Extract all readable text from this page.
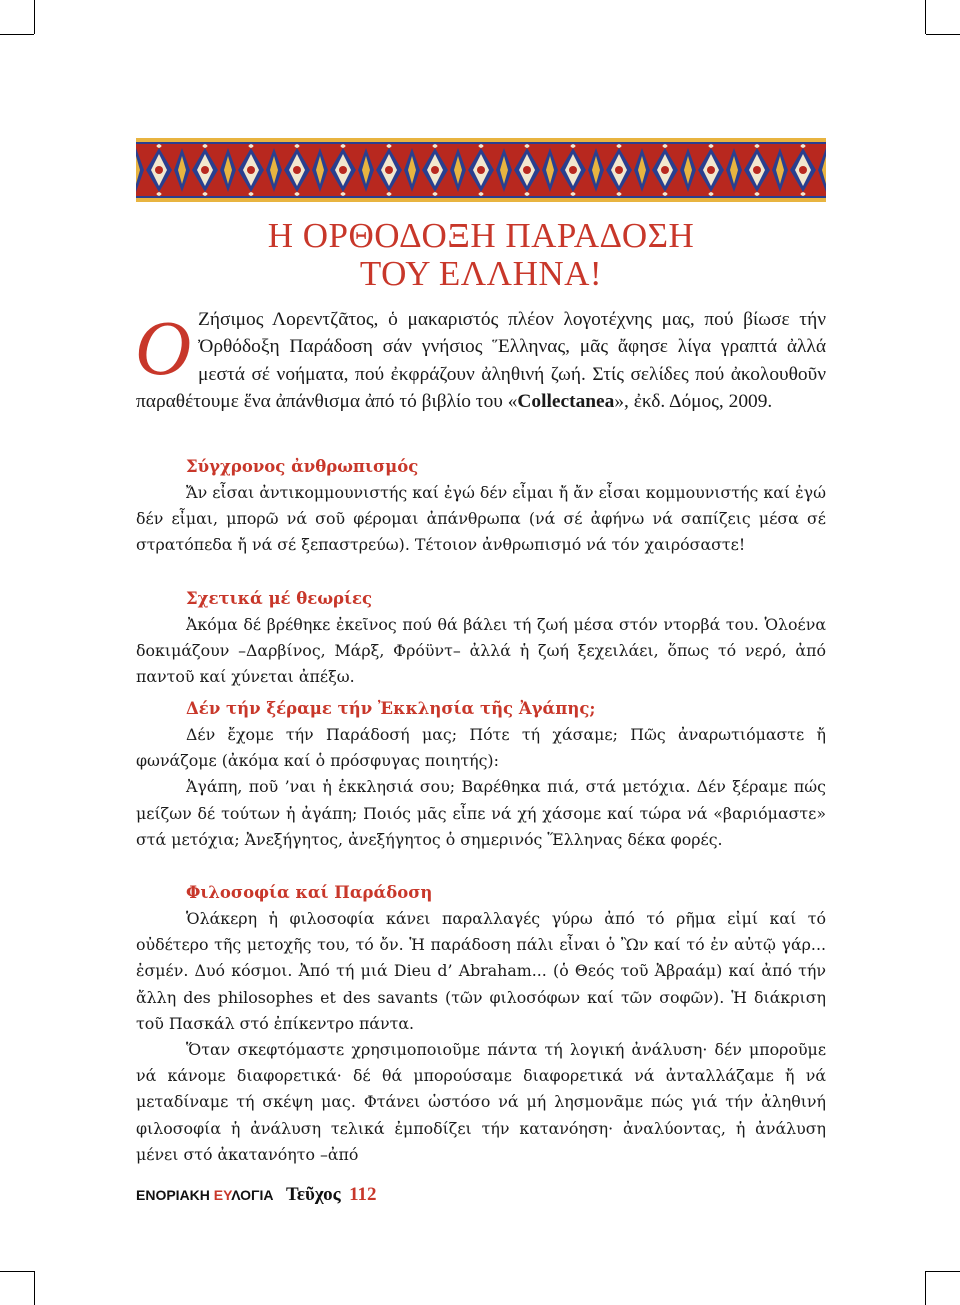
Η ΟΡΘΟΔΟΞΗ ΠΑΡΑΔΟΣΗ
ΤΟΥ ΕΛΛΗΝΑ!
Ο Ζήσιμος Λορεντζᾶτος, ὁ μακαριστός πλέον λογοτέχνης μας, πού βίωσε τήν Ὀρθόδοξη Παράδοση σάν γνήσιος Ἕλληνας, μᾶς ἄφησε λίγα γραπτά ἀλλά μεστά σέ νοήματα, πού ἐκφράζουν ἀληθινή ζωή. Στίς σελίδες πού ἀκολουθοῦν παραθέτουμε ἕνα ἀπάνθισμα ἀπό τό βιβλίο του «Collectanea», ἐκδ. Δόμος, 2009.
Σύγχρονος ἀνθρωπισμός

Ἄν εἶσαι ἀντικομμουνιστής καί ἐγώ δέν εἶμαι ἤ ἄν εἶσαι κομμουνιστής καί ἐγώ δέν εἶμαι, μπορῶ νά σοῦ φέρομαι ἀπάνθρωπα (νά σέ ἀφήνω νά σαπίζεις μέσα σέ στρατόπεδα ἤ νά σέ ξεπαστρεύω). Τέτοιον ἀνθρωπισμό νά τόν χαιρόσαστε!

Σχετικά μέ θεωρίες

Ἀκόμα δέ βρέθηκε ἐκεῖνος πού θά βάλει τή ζωή μέσα στόν ντορβά του. Ὁλοένα δοκιμάζουν –Δαρβίνος, Μάρξ, Φρόϋντ– ἀλλά ἡ ζωή ξεχειλάει, ὅπως τό νερό, ἀπό παντοῦ καί χύνεται ἀπέξω.

Δέν τήν ξέραμε τήν Ἐκκλησία τῆς Ἀγάπης;

Δέν ἔχομε τήν Παράδοσή μας; Πότε τή χάσαμε; Πῶς ἀναρωτιόμαστε ἤ φωνάζομε (ἀκόμα καί ὁ πρόσφυγας ποιητής):

Ἀγάπη, ποῦ ’ναι ἡ ἐκκλησιά σου; Βαρέθηκα πιά, στά μετόχια. Δέν ξέραμε πώς μείζων δέ τούτων ἡ ἀγάπη; Ποιός μᾶς εἶπε νά χή χάσομε καί τώρα νά «βαριόμαστε» στά μετόχια; Ἀνεξήγητος, ἀνεξήγητος ὁ σημερινός Ἕλληνας δέκα φορές.

Φιλοσοφία καί Παράδοση

Ὁλάκερη ἡ φιλοσοφία κάνει παραλλαγές γύρω ἀπό τό ρῆμα εἰμί καί τό οὐδέτερο τῆς μετοχῆς του, τό ὄν. Ἡ παράδοση πάλι εἶναι ὁ Ὢν καί τό ἐν αὐτῷ γάρ... ἐσμέν. Δυό κόσμοι. Ἀπό τή μιά Dieu d’ Abraham... (ὁ Θεός τοῦ Ἀβραάμ) καί ἀπό τήν ἄλλη des philosophes et des savants (τῶν φιλοσόφων καί τῶν σοφῶν). Ἡ διάκριση τοῦ Πασκάλ στό ἐπίκεντρο πάντα.

Ὅταν σκεφτόμαστε χρησιμοποιοῦμε πάντα τή λογική ἀνάλυση· δέν μποροῦμε νά κάνομε διαφορετικά· δέ θά μπορούσαμε διαφορετικά νά ἀνταλλάζαμε ἤ νά μεταδίναμε τή σκέψη μας. Φτάνει ὡστόσο νά μή λησμονᾶμε πώς γιά τήν ἀληθινή φιλοσοφία ἡ ἀνάλυση τελικά ἐμποδίζει τήν κατανόηση· ἀναλύοντας, ἡ ἀνάλυση μένει στό ἀκατανόητο –ἀπό

ΕΝΟΡΙΑΚΗ ΕΥΛΟΓΙΑ Τεῦχος 112
